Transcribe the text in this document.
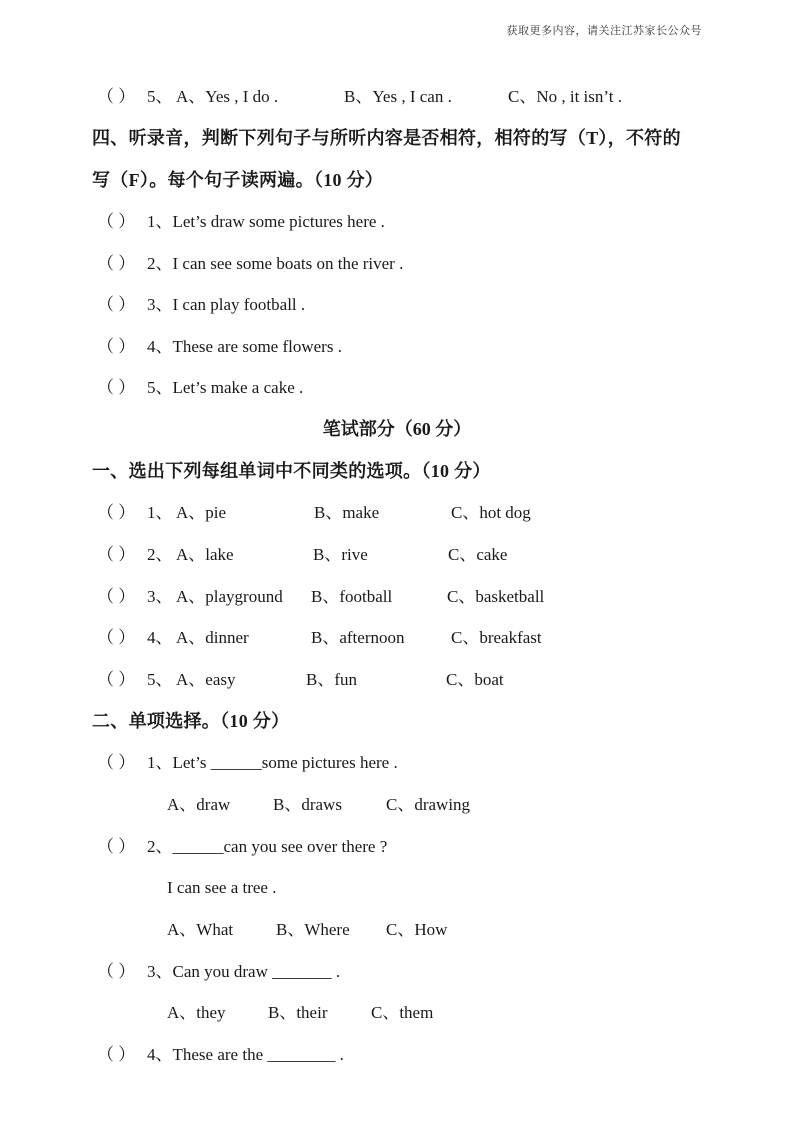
获取更多内容，请关注江苏家长公众号
（ ） 5、 A、Yes , I do .	B、Yes , I can .	C、No , it isn’t .
四、听录音，判断下列句子与所听内容是否相符，相符的写（T），不符的
写（F）。每个句子读两遍。（10 分）
（ ） 1、Let’s draw some pictures here .
（ ） 2、I can see some boats on the river .
（ ） 3、I can play football .
（ ） 4、These are some flowers .
（ ） 5、Let’s make a cake .
笔试部分（60 分）
一、选出下列每组单词中不同类的选项。（10 分）
（ ） 1、 A、pie	B、make	C、hot dog
（ ） 2、 A、lake	B、rive	C、cake
（ ） 3、 A、playground B、football	C、basketball
（ ） 4、 A、dinner	B、afternoon	C、breakfast
（ ） 5、 A、easy	B、fun	C、boat
二、单项选择。（10 分）
（ ） 1、Let’s ______some pictures here .
A、draw	B、draws	C、drawing
（ ） 2、______can you see over there ?
I can see a tree .
A、What	B、Where C、How
（ ） 3、Can you draw _______ .
A、they B、their	C、them
（ ） 4、These are the ________ .
